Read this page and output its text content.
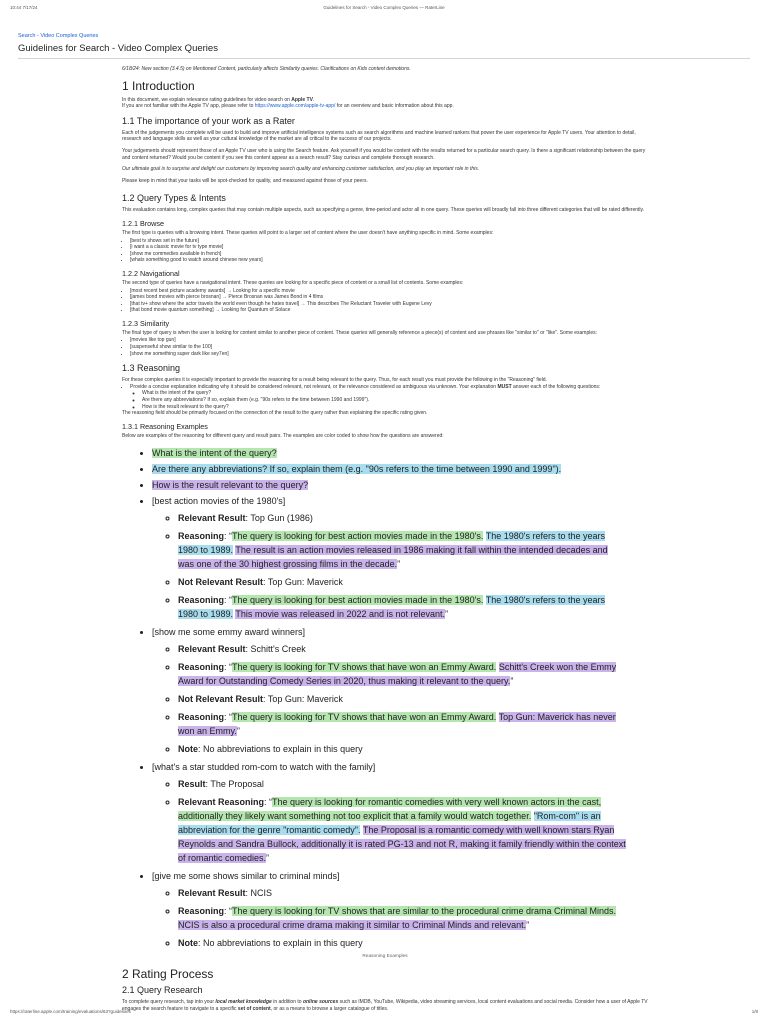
10:44 7/17/24	Guidelines for Search - Video Complex Queries — RaterLine
Search - Video Complex Queries
Guidelines for Search - Video Complex Queries

6/18/24: New section (3.4.5) on Mentioned Content, particularly affects Similarity queries. Clarifications on Kids content demotions.

1 Introduction

In this document, we explain relevance rating guidelines for video search on Apple TV.
If you are not familiar with the Apple TV app, please refer to https://www.apple.com/apple-tv-app/ for an overview and basic information about this app.

1.1 The importance of your work as a Rater

Each of the judgements you complete will be used to build and improve artificial intelligence systems such as search algorithms and machine learned rankers that power the user experience for Apple TV users. Your attention to detail, research and language skills as well as your cultural knowledge of the market are all critical to the success of our projects.

Your judgements should represent those of an Apple TV user who is using the Search feature. Ask yourself if you would be content with the results returned for a particular search query. Is there a significant relationship between the query and content returned? Would you be content if you see this content appear as a search result? Stay curious and complete thorough research.

Our ultimate goal is to surprise and delight our customers by improving search quality and enhancing customer satisfaction, and you play an important role in this.

Please keep in mind that your tasks will be spot-checked for quality, and measured against those of your peers.

1.2 Query Types & Intents

This evaluation contains long, complex queries that may contain multiple aspects, such as specifying a genre, time-period and actor all in one query. These queries will broadly fall into three different categories that will be rated differently.

1.2.1 Browse

The first type is queries with a browsing intent. These queries will point to a larger set of content where the user doesn't have anything specific in mind. Some examples:

• [best tv shows set in the future]
• [i want a a classic movie for tv type movie]
• [show me commedies available in french]
• [whats something good to watch around chinese new years]
1.2.2 Navigational

The second type of queries have a navigational intent. These queries are looking for a specific piece of content or a small list of contents. Some examples:

• [most recent best picture academy awards] → Looking for a specific movie
• [james bond movies with pierce brosnan] → Pierce Brosnan was James Bond in 4 films
• [that tv+ show where the actor travels the world even though he hates travel] → This describes The Reluctant Traveler with Eugene Levy
• [that bond movie quantum something] → Looking for Quantum of Solace
1.2.3 Similarity

The final type of query is when the user is looking for content similar to another piece of content. These queries will generally reference a piece(s) of content and use phrases like "similar to" or "like". Some examples:

• [movies like top gun]
• [suspenseful show similar to the 100]
• [show me something super dark like sey7en]
1.3 Reasoning

For these complex queries it is especially important to provide the reasoning for a result being relevant to the query. Thus, for each result you must provide the following in the "Reasoning" field.

• Provide a concise explanation indicating why it should be considered relevant, not relevant, or the relevance considered as ambiguous via unknown. Your explanation MUST answer each of the following questions:
◦ What is the intent of the query?
◦ Are there any abbreviations? If so, explain them (e.g. "90s refers to the time between 1990 and 1999").
◦ How is the result relevant to the query?

The reasoning field should be primarily focused on the connection of the result to the query rather than explaining the specific rating given.

1.3.1 Reasoning Examples

Below are examples of the reasoning for different query and result pairs. The examples are color coded to show how the questions are answered:

• What is the intent of the query?
• Are there any abbreviations? If so, explain them (e.g. "90s refers to the time between 1990 and 1999").
• How is the result relevant to the query?
• [best action movies of the 1980's]
◦ Relevant Result: Top Gun (1986)
◦ Reasoning: “The query is looking for best action movies made in the 1980's. The 1980's refers to the years 1980 to 1989. The result is an action movies released in 1986 making it fall within the intended decades and was one of the 30 highest grossing films in the decade.”
◦ Not Relevant Result: Top Gun: Maverick
◦ Reasoning: “The query is looking for best action movies made in the 1980's. The 1980's refers to the years 1980 to 1989. This movie was released in 2022 and is not relevant.”
• [show me some emmy award winners]
◦ Relevant Result: Schitt's Creek
◦ Reasoning: “The query is looking for TV shows that have won an Emmy Award. Schitt's Creek won the Emmy Award for Outstanding Comedy Series in 2020, thus making it relevant to the query.”
◦ Not Relevant Result: Top Gun: Maverick
◦ Reasoning: “The query is looking for TV shows that have won an Emmy Award. Top Gun: Maverick has never won an Emmy.”
◦ Note: No abbreviations to explain in this query
• [what's a star studded rom-com to watch with the family]
◦ Result: The Proposal
◦ Relevant Reasoning: “The query is looking for romantic comedies with very well known actors in the cast, additionally they likely want something not too explicit that a family would watch together. "Rom-com" is an abbreviation for the genre "romantic comedy". The Proposal is a romantic comedy with well known stars Ryan Reynolds and Sandra Bullock, additionally it is rated PG-13 and not R, making it family friendly within the context of romantic comedies.”
• [give me some shows similar to criminal minds]
◦ Relevant Result: NCIS
◦ Reasoning: “The query is looking for TV shows that are similar to the procedural crime drama Criminal Minds. NCIS is also a procedural crime drama making it similar to Criminal Minds and relevant.”
◦ Note: No abbreviations to explain in this query
Reasoning Examples
2 Rating Process
2.1 Query Research

To complete query research, tap into your local market knowledge in addition to online sources such as IMDB, YouTube, Wikipedia, video streaming services, local content evaluations and social media. Consider how a user of Apple TV engages the search feature to navigate to a specific set of content, or as a means to browse a larger catalogue of titles.

https://raterline.apple.com/training/evaluations/63?guidelines	1/8
